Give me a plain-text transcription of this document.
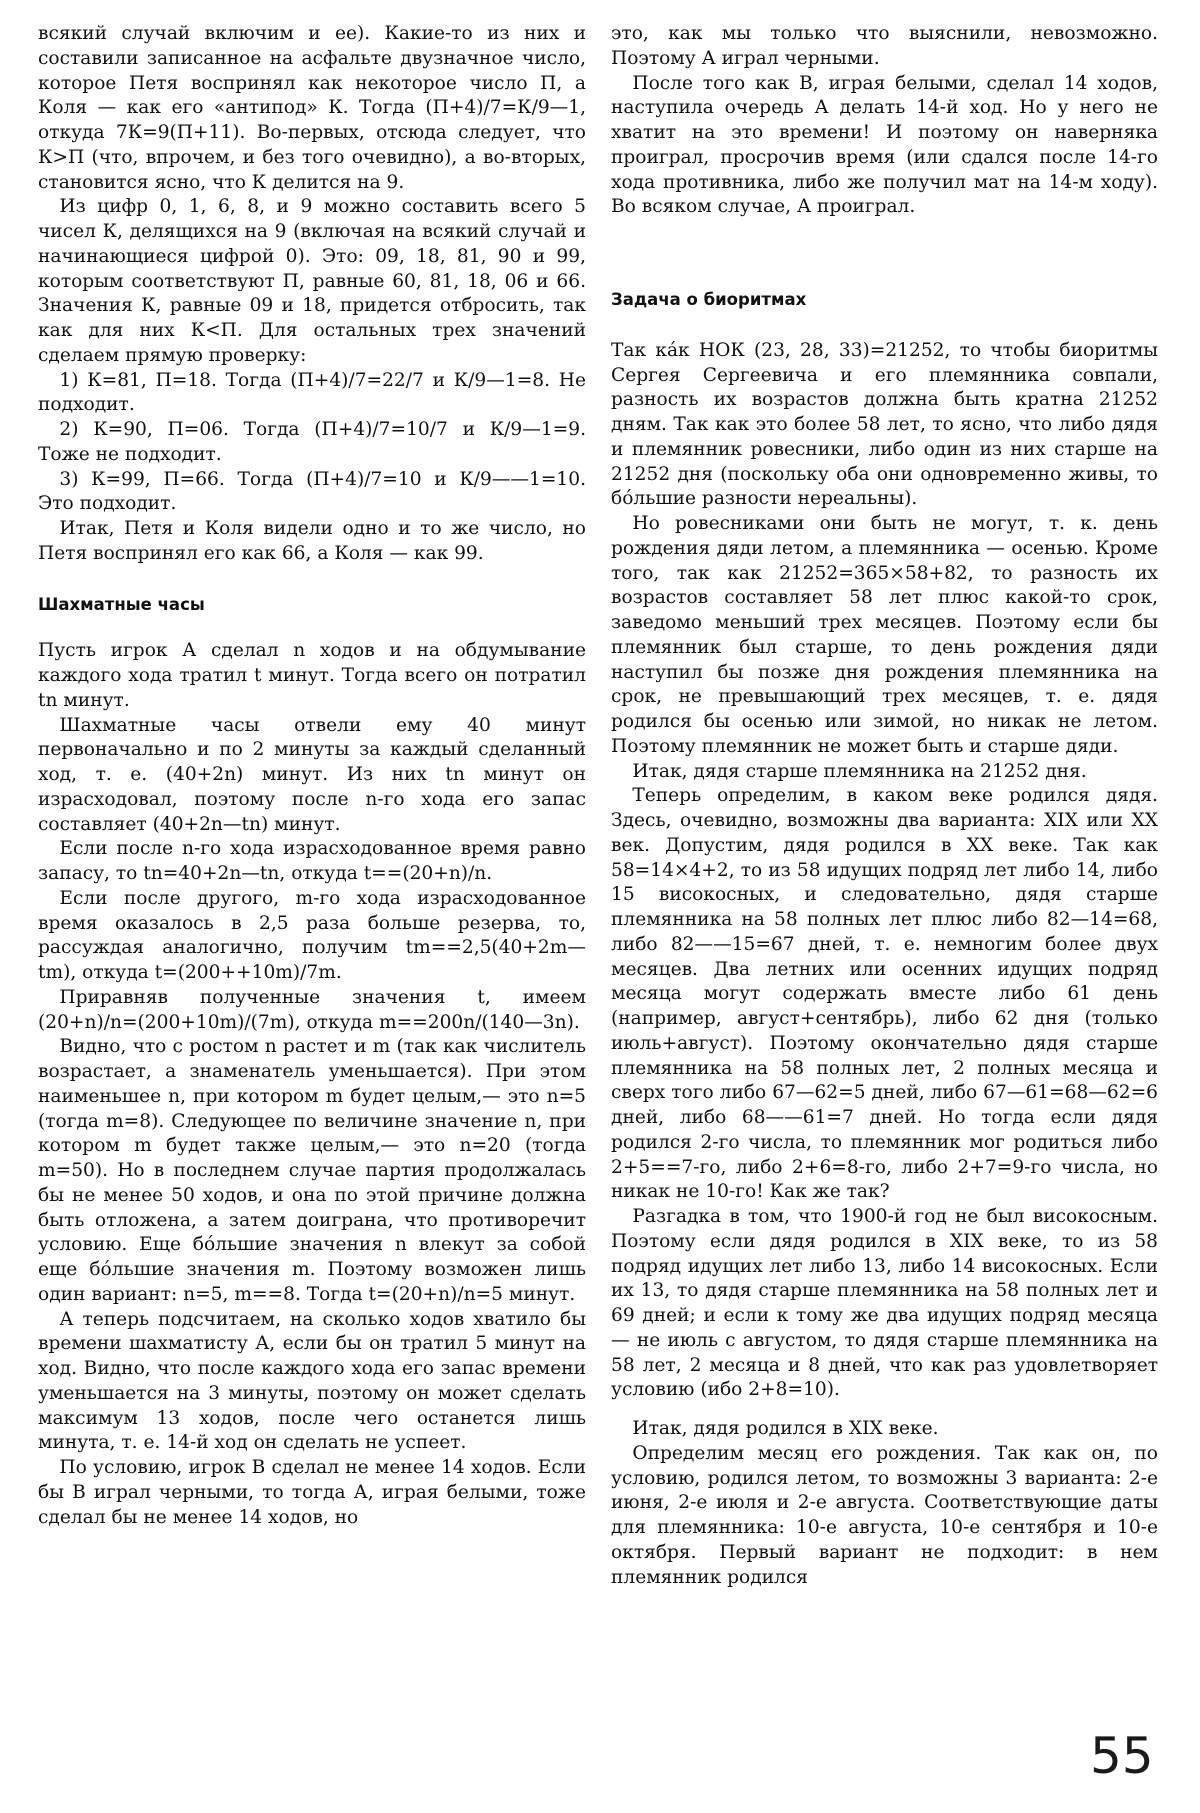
всякий случай включим и ее). Какие-то из них и составили записанное на асфальте двузначное число, которое Петя воспринял как некоторое число П, а Коля — как его «антипод» К. Тогда (П+4)/7=К/9—1, откуда 7К=9(П+11). Во-первых, отсюда следует, что К>П (что, впрочем, и без того очевидно), а во-вторых, становится ясно, что К делится на 9.

Из цифр 0, 1, 6, 8, и 9 можно составить всего 5 чисел К, делящихся на 9 (включая на всякий случай и начинающиеся цифрой 0). Это: 09, 18, 81, 90 и 99, которым соответствуют П, равные 60, 81, 18, 06 и 66. Значения К, равные 09 и 18, придется отбросить, так как для них К<П. Для остальных трех значений сделаем прямую проверку:

1) К=81, П=18. Тогда (П+4)/7=22/7 и К/9—1=8. Не подходит.

2) К=90, П=06. Тогда (П+4)/7=10/7 и К/9—1=9. Тоже не подходит.

3) К=99, П=66. Тогда (П+4)/7=10 и К/9——1=10. Это подходит.

Итак, Петя и Коля видели одно и то же число, но Петя воспринял его как 66, а Коля — как 99.

Шахматные часы

Пусть игрок А сделал n ходов и на обдумывание каждого хода тратил t минут. Тогда всего он потратил tn минут.

Шахматные часы отвели ему 40 минут первоначально и по 2 минуты за каждый сделанный ход, т. е. (40+2n) минут. Из них tn минут он израсходовал, поэтому после n-го хода его запас составляет (40+2n—tn) минут.

Если после n-го хода израсходованное время равно запасу, то tn=40+2n—tn, откуда t==(20+n)/n.

Если после другого, m-го хода израсходованное время оказалось в 2,5 раза больше резерва, то, рассуждая аналогично, получим tm==2,5(40+2m—tm), откуда t=(200++10m)/7m.

Приравняв полученные значения t, имеем (20+n)/n=(200+10m)/(7m), откуда m==200n/(140—3n).

Видно, что с ростом n растет и m (так как числитель возрастает, а знаменатель уменьшается). При этом наименьшее n, при котором m будет целым,— это n=5 (тогда m=8). Следующее по величине значение n, при котором m будет также целым,— это n=20 (тогда m=50). Но в последнем случае партия продолжалась бы не менее 50 ходов, и она по этой причине должна быть отложена, а затем доиграна, что противоречит условию. Еще бо́льшие значения n влекут за собой еще бо́льшие значения m. Поэтому возможен лишь один вариант: n=5, m==8. Тогда t=(20+n)/n=5 минут.

А теперь подсчитаем, на сколько ходов хватило бы времени шахматисту А, если бы он тратил 5 минут на ход. Видно, что после каждого хода его запас времени уменьшается на 3 минуты, поэтому он может сделать максимум 13 ходов, после чего останется лишь минута, т. е. 14-й ход он сделать не успеет.

По условию, игрок В сделал не менее 14 ходов. Если бы В играл черными, то тогда А, играя белыми, тоже сделал бы не менее 14 ходов, но

это, как мы только что выяснили, невозможно. Поэтому А играл черными.

После того как В, играя белыми, сделал 14 ходов, наступила очередь А делать 14-й ход. Но у него не хватит на это времени! И поэтому он наверняка проиграл, просрочив время (или сдался после 14-го хода противника, либо же получил мат на 14-м ходу). Во всяком случае, А проиграл.

Задача о биоритмах

Так ка́к НОК (23, 28, 33)=21252, то чтобы биоритмы Сергея Сергеевича и его племянника совпали, разность их возрастов должна быть кратна 21252 дням. Так как это более 58 лет, то ясно, что либо дядя и племянник ровесники, либо один из них старше на 21252 дня (поскольку оба они одновременно живы, то бо́льшие разности нереальны).

Но ровесниками они быть не могут, т. к. день рождения дяди летом, а племянника — осенью. Кроме того, так как 21252=365×58+82, то разность их возрастов составляет 58 лет плюс какой-то срок, заведомо меньший трех месяцев. Поэтому если бы племянник был старше, то день рождения дяди наступил бы позже дня рождения племянника на срок, не превышающий трех месяцев, т. е. дядя родился бы осенью или зимой, но никак не летом. Поэтому племянник не может быть и старше дяди.

Итак, дядя старше племянника на 21252 дня.

Теперь определим, в каком веке родился дядя. Здесь, очевидно, возможны два варианта: XIX или XX век. Допустим, дядя родился в XX веке. Так как 58=14×4+2, то из 58 идущих подряд лет либо 14, либо 15 високосных, и следовательно, дядя старше племянника на 58 полных лет плюс либо 82—14=68, либо 82——15=67 дней, т. е. немногим более двух месяцев. Два летних или осенних идущих подряд месяца могут содержать вместе либо 61 день (например, август+сентябрь), либо 62 дня (только июль+август). Поэтому окончательно дядя старше племянника на 58 полных лет, 2 полных месяца и сверх того либо 67—62=5 дней, либо 67—61=68—62=6 дней, либо 68——61=7 дней. Но тогда если дядя родился 2-го числа, то племянник мог родиться либо 2+5==7-го, либо 2+6=8-го, либо 2+7=9-го числа, но никак не 10-го! Как же так?

Разгадка в том, что 1900-й год не был високосным. Поэтому если дядя родился в XIX веке, то из 58 подряд идущих лет либо 13, либо 14 високосных. Если их 13, то дядя старше племянника на 58 полных лет и 69 дней; и если к тому же два идущих подряд месяца — не июль с августом, то дядя старше племянника на 58 лет, 2 месяца и 8 дней, что как раз удовлетворяет условию (ибо 2+8=10).

Итак, дядя родился в XIX веке.

Определим месяц его рождения. Так как он, по условию, родился летом, то возможны 3 варианта: 2-е июня, 2-е июля и 2-е августа. Соответствующие даты для племянника: 10-е августа, 10-е сентября и 10-е октября. Первый вариант не подходит: в нем племянник родился

55
